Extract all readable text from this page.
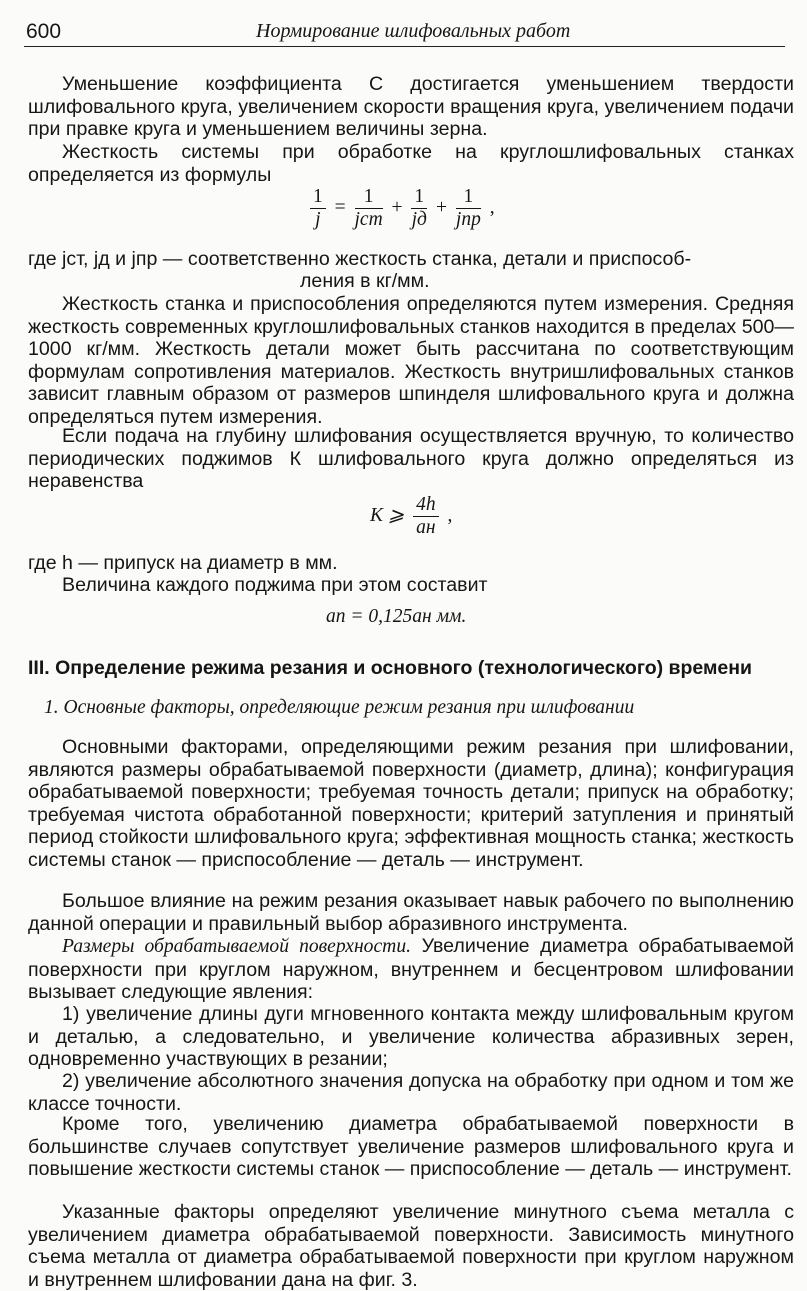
600	Нормирование шлифовальных работ

Уменьшение коэффициента С достигается уменьшением твердости шлифовального круга, увеличением скорости вращения круга, увеличением подачи при правке круга и уменьшением величины зерна.

Жесткость системы при обработке на круглошлифовальных станках определяется из формулы

$\frac{1}{j} = \frac{1}{\text{jст}} + \frac{1}{jд} + \frac{1}{\text{jпр}}$ ,
где jст, jд и jпр — соответственно жесткость станка, детали и приспособ-
ления в кг/мм.

Жесткость станка и приспособления определяются путем измерения. Средняя жесткость современных круглошлифовальных станков находится в пределах 500—1000 кг/мм. Жесткость детали может быть рассчитана по соответствующим формулам сопротивления материалов. Жесткость внутришлифовальных станков зависит главным образом от размеров шпинделя шлифовального круга и должна определяться путем измерения.

Если подача на глубину шлифования осуществляется вручную, то количество периодических поджимов К шлифовального круга должно определяться из неравенства

K ⩾ $\frac{4h}{aн}$ ,
где h — припуск на диаметр в мм.

Величина каждого поджима при этом составит

aп = 0,125aн мм.
III. Определение режима резания и основного (технологического) времени
1. Основные факторы, определяющие режим резания при шлифовании

Основными факторами, определяющими режим резания при шлифовании, являются размеры обрабатываемой поверхности (диаметр, длина); конфигурация обрабатываемой поверхности; требуемая точность детали; припуск на обработку; требуемая чистота обработанной поверхности; критерий затупления и принятый период стойкости шлифовального круга; эффективная мощность станка; жесткость системы станок — приспособление — деталь — инструмент.

Большое влияние на режим резания оказывает навык рабочего по выполнению данной операции и правильный выбор абразивного инструмента.

Размеры обрабатываемой поверхности. Увеличение диаметра обрабатываемой поверхности при круглом наружном, внутреннем и бесцентровом шлифовании вызывает следующие явления:

1) увеличение длины дуги мгновенного контакта между шлифовальным кругом и деталью, а следовательно, и увеличение количества абразивных зерен, одновременно участвующих в резании;

2) увеличение абсолютного значения допуска на обработку при одном и том же классе точности.

Кроме того, увеличению диаметра обрабатываемой поверхности в большинстве случаев сопутствует увеличение размеров шлифовального круга и повышение жесткости системы станок — приспособление — деталь — инструмент.

Указанные факторы определяют увеличение минутного съема металла с увеличением диаметра обрабатываемой поверхности. Зависимость минутного съема металла от диаметра обрабатываемой поверхности при круглом наружном и внутреннем шлифовании дана на фиг. 3.
